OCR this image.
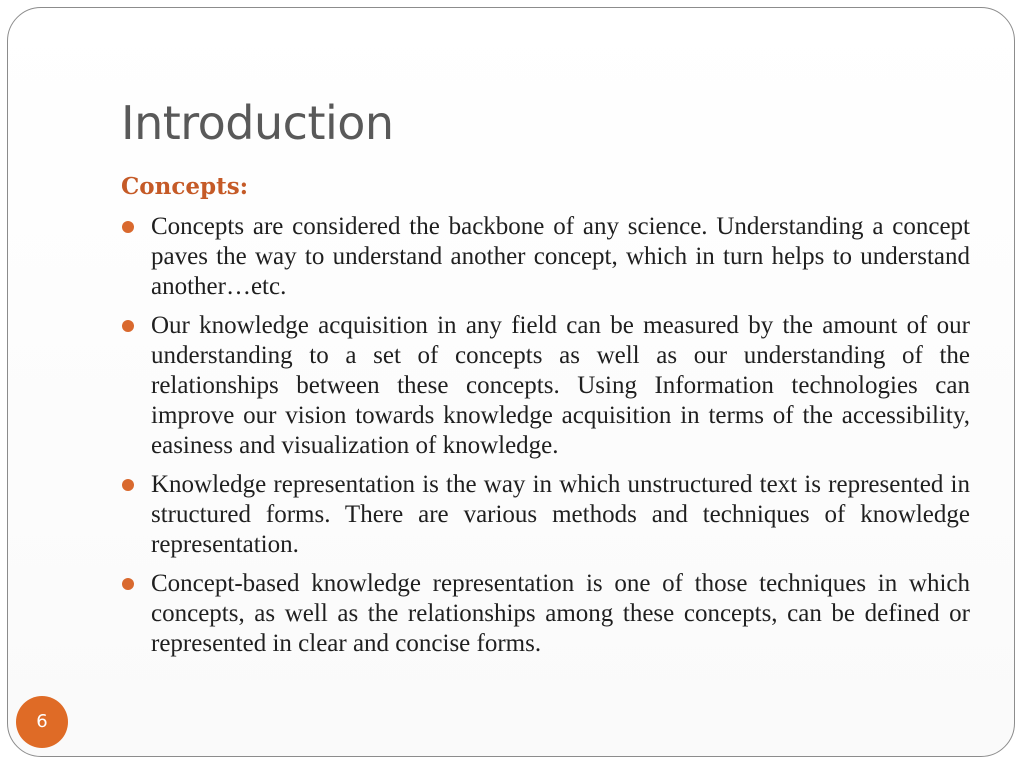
Introduction
Concepts:
Concepts are considered the backbone of any science. Understanding a concept paves the way to understand another concept, which in turn helps to understand another…etc.
Our knowledge acquisition in any field can be measured by the amount of our understanding to a set of concepts as well as our understanding of the relationships between these concepts. Using Information technologies can improve our vision towards knowledge acquisition in terms of the accessibility, easiness and visualization of knowledge.
Knowledge representation is the way in which unstructured text is represented in structured forms. There are various methods and techniques of knowledge representation.
Concept-based knowledge representation is one of those techniques in which concepts, as well as the relationships among these concepts, can be defined or represented in clear and concise forms.
6
